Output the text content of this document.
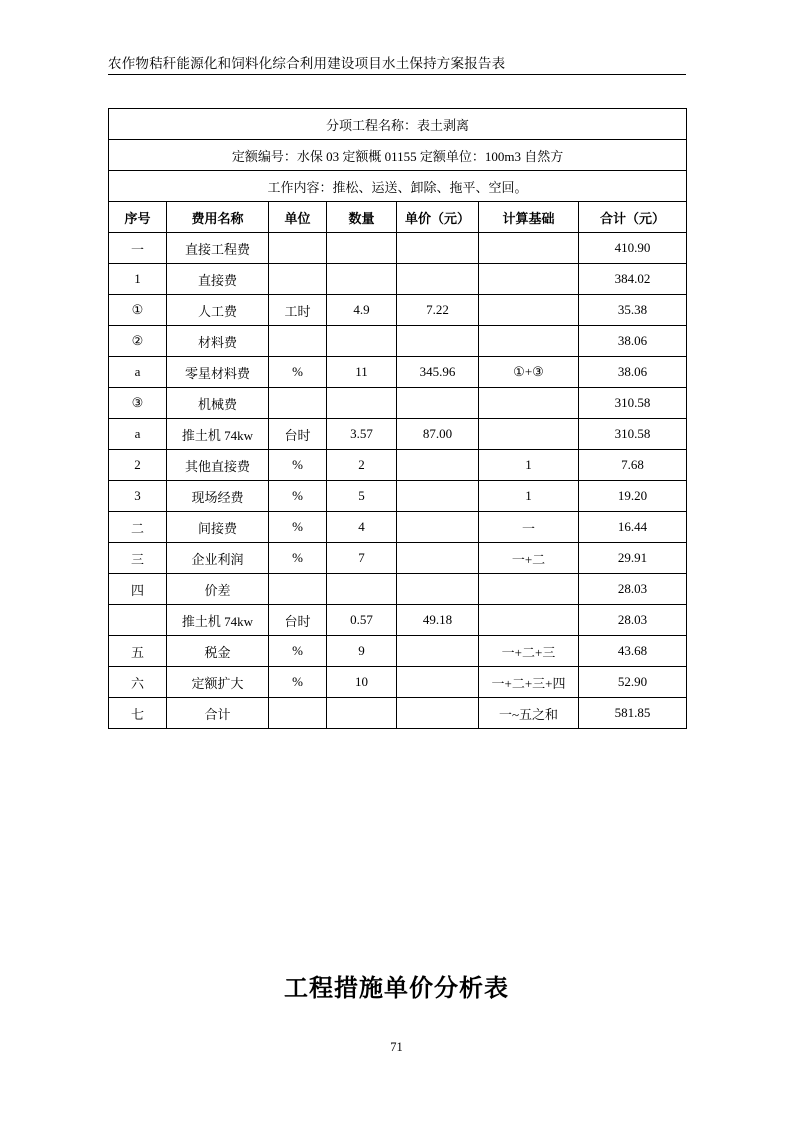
农作物秸秆能源化和饲料化综合利用建设项目水土保持方案报告表
分项工程名称：表土剥离						
定额编号：水保 03 定额概 01155 定额单位：100m3 自然方						
工作内容：推松、运送、卸除、拖平、空回。						
序号	费用名称	单位	数量	单价（元）	计算基础	合计（元）
一	直接工程费					410.90
1	直接费					384.02
①	人工费	工时	4.9	7.22		35.38
②	材料费					38.06
a	零星材料费	%	11	345.96	①+③	38.06
③	机械费					310.58
a	推土机 74kw	台时	3.57	87.00		310.58
2	其他直接费	%	2		1	7.68
3	现场经费	%	5		1	19.20
二	间接费	%	4		一	16.44
三	企业利润	%	7		一+二	29.91
四	价差					28.03
	推土机 74kw	台时	0.57	49.18		28.03
五	税金	%	9		一+二+三	43.68
六	定额扩大	%	10		一+二+三+四	52.90
七	合计				一~五之和	581.85
工程措施单价分析表
71
